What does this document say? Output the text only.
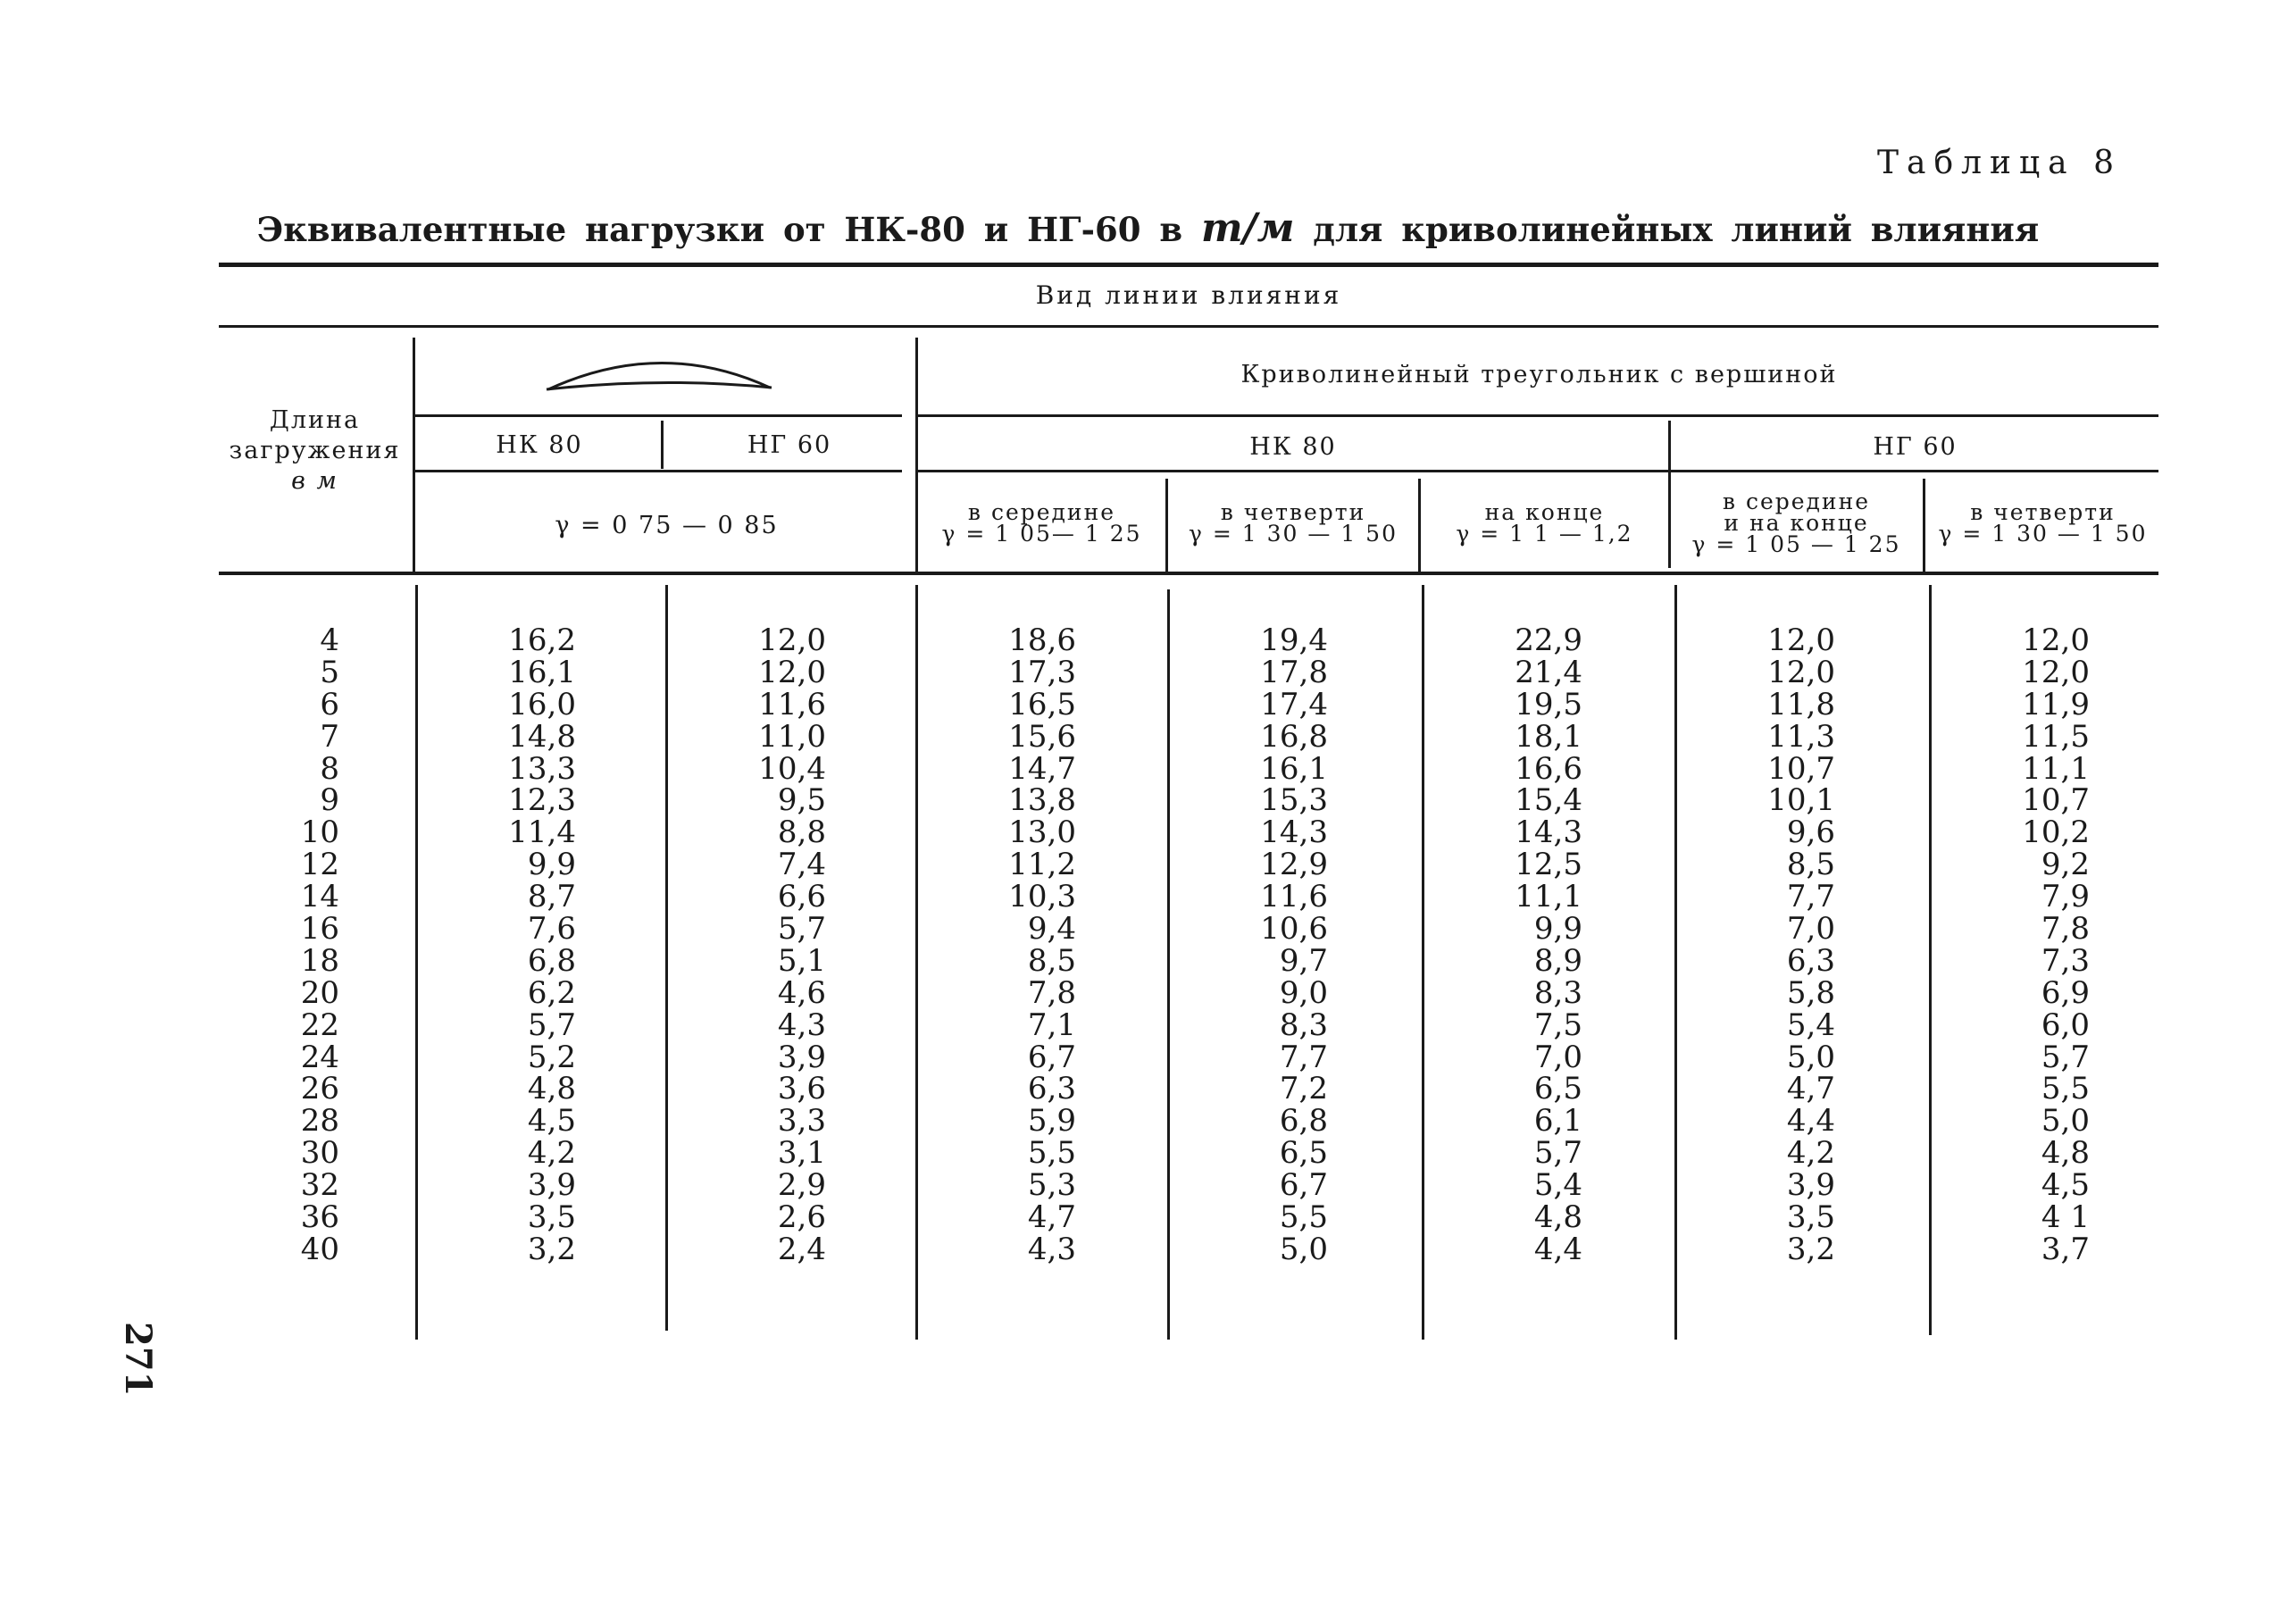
Таблица 8
Эквивалентные нагрузки от НК-80 и НГ-60 в т/м для криволинейных линий влияния
Вид линии влияния
Длина
загружения
в м
НК 80	НГ 60
γ = 0 75 — 0 85
Криволинейный треугольник с вершиной
НК 80	НГ 60
в середине
γ = 1 05— 1 25
в четверти
γ = 1 30 — 1 50
на конце
γ = 1 1 — 1,2
в середине
и на конце
γ = 1 05 — 1 25
в четверти
γ = 1 30 — 1 50
4
5
6
7
8
9
10
12
14
16
18
20
22
24
26
28
30
32
36
40
16,2
16,1
16,0
14,8
13,3
12,3
11,4
9,9
8,7
7,6
6,8
6,2
5,7
5,2
4,8
4,5
4,2
3,9
3,5
3,2
12,0
12,0
11,6
11,0
10,4
9,5
8,8
7,4
6,6
5,7
5,1
4,6
4,3
3,9
3,6
3,3
3,1
2,9
2,6
2,4
18,6
17,3
16,5
15,6
14,7
13,8
13,0
11,2
10,3
9,4
8,5
7,8
7,1
6,7
6,3
5,9
5,5
5,3
4,7
4,3
19,4
17,8
17,4
16,8
16,1
15,3
14,3
12,9
11,6
10,6
9,7
9,0
8,3
7,7
7,2
6,8
6,5
6,7
5,5
5,0
22,9
21,4
19,5
18,1
16,6
15,4
14,3
12,5
11,1
9,9
8,9
8,3
7,5
7,0
6,5
6,1
5,7
5,4
4,8
4,4
12,0
12,0
11,8
11,3
10,7
10,1
9,6
8,5
7,7
7,0
6,3
5,8
5,4
5,0
4,7
4,4
4,2
3,9
3,5
3,2
12,0
12,0
11,9
11,5
11,1
10,7
10,2
9,2
7,9
7,8
7,3
6,9
6,0
5,7
5,5
5,0
4,8
4,5
4 1
3,7
271
